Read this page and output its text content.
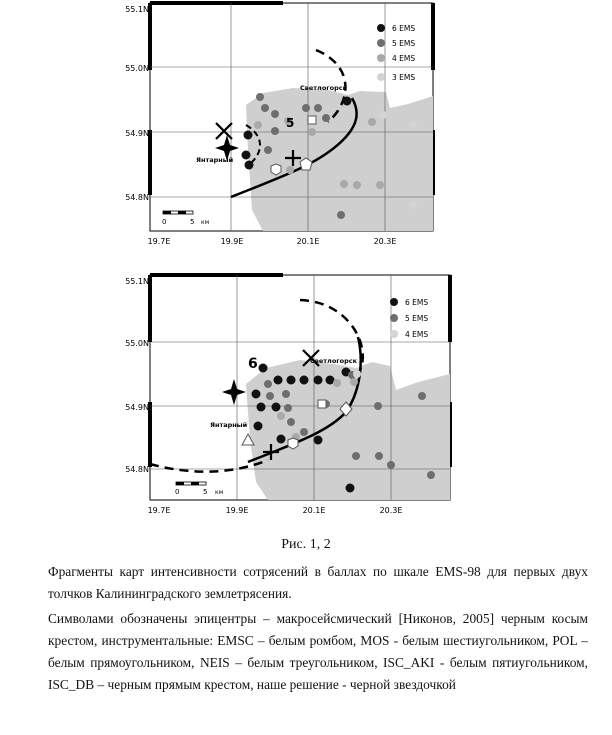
55.1N
55.0N
54.9N
54.8N
19.7E	19.9E	20.1E	20.3E
5
Светлогорск
Янтарный
0	5 км
6 EMS
5 EMS
4 EMS
3 EMS
55.1N
55.0N
54.9N
54.8N
19.7E	19.9E	20.1E	20.3E
6	Светлогорск
Янтарный
0	5 км
6 EMS
5 EMS
4 EMS
Рис. 1, 2
Фрагменты карт интенсивности сотрясений в баллах по шкале EMS-98 для первых двух толчков Калининградского землетрясения.
Символами обозначены эпицентры – макросейсмический [Никонов, 2005] черным косым крестом, инструментальные: EMSC – белым ромбом, MOS - белым шестиугольником, POL – белым прямоугольником, NEIS – белым треугольником, ISC_AKI - белым пятиугольником, ISC_DB – черным прямым крестом, наше решение - черной звездочкой
